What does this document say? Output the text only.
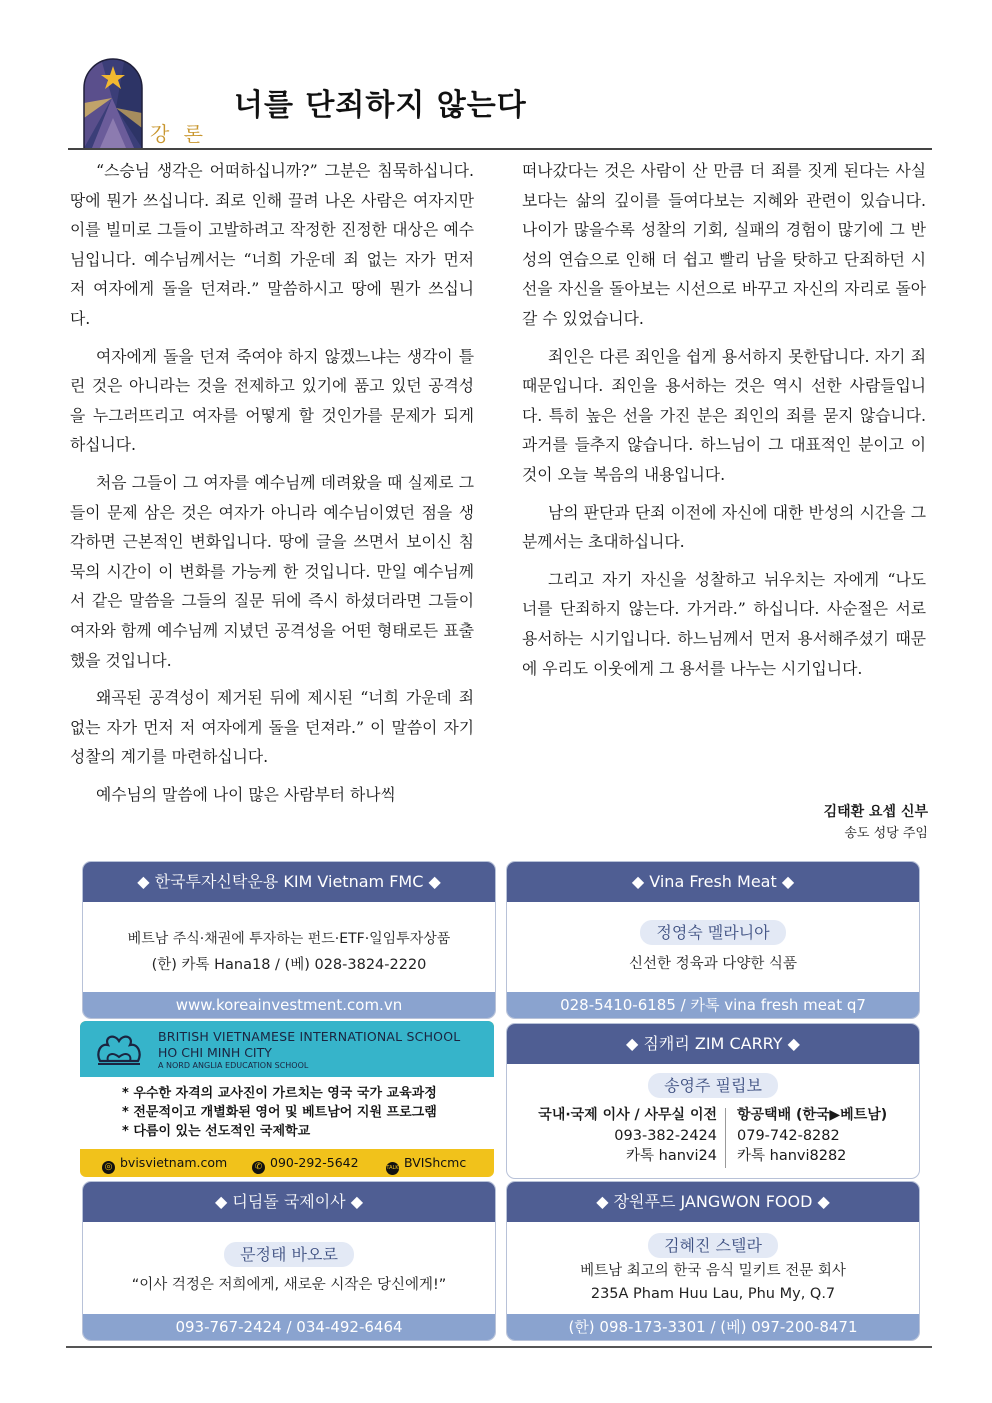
강 론
너를 단죄하지 않는다

“스승님 생각은 어떠하십니까?” 그분은 침묵하십니다. 땅에 뭔가 쓰십니다. 죄로 인해 끌려 나온 사람은 여자지만 이를 빌미로 그들이 고발하려고 작정한 진정한 대상은 예수님입니다. 예수님께서는 “너희 가운데 죄 없는 자가 먼저 저 여자에게 돌을 던져라.” 말씀하시고 땅에 뭔가 쓰십니다.

여자에게 돌을 던져 죽여야 하지 않겠느냐는 생각이 틀린 것은 아니라는 것을 전제하고 있기에 품고 있던 공격성을 누그러뜨리고 여자를 어떻게 할 것인가를 문제가 되게 하십니다.

처음 그들이 그 여자를 예수님께 데려왔을 때 실제로 그들이 문제 삼은 것은 여자가 아니라 예수님이였던 점을 생각하면 근본적인 변화입니다. 땅에 글을 쓰면서 보이신 침묵의 시간이 이 변화를 가능케 한 것입니다. 만일 예수님께서 같은 말씀을 그들의 질문 뒤에 즉시 하셨더라면 그들이 여자와 함께 예수님께 지녔던 공격성을 어떤 형태로든 표출했을 것입니다.

왜곡된 공격성이 제거된 뒤에 제시된 “너희 가운데 죄 없는 자가 먼저 저 여자에게 돌을 던져라.” 이 말씀이 자기 성찰의 계기를 마련하십니다.

예수님의 말씀에 나이 많은 사람부터 하나씩

떠나갔다는 것은 사람이 산 만큼 더 죄를 짓게 된다는 사실보다는 삶의 깊이를 들여다보는 지혜와 관련이 있습니다. 나이가 많을수록 성찰의 기회, 실패의 경험이 많기에 그 반성의 연습으로 인해 더 쉽고 빨리 남을 탓하고 단죄하던 시선을 자신을 돌아보는 시선으로 바꾸고 자신의 자리로 돌아갈 수 있었습니다.

죄인은 다른 죄인을 쉽게 용서하지 못한답니다. 자기 죄 때문입니다. 죄인을 용서하는 것은 역시 선한 사람들입니다. 특히 높은 선을 가진 분은 죄인의 죄를 묻지 않습니다. 과거를 들추지 않습니다. 하느님이 그 대표적인 분이고 이것이 오늘 복음의 내용입니다.

남의 판단과 단죄 이전에 자신에 대한 반성의 시간을 그분께서는 초대하십니다.

그리고 자기 자신을 성찰하고 뉘우치는 자에게 “나도 너를 단죄하지 않는다. 가거라.” 하십니다. 사순절은 서로 용서하는 시기입니다. 하느님께서 먼저 용서해주셨기 때문에 우리도 이웃에게 그 용서를 나누는 시기입니다.

김태환 요셉 신부
송도 성당 주임
◆ 한국투자신탁운용 KIM Vietnam FMC ◆
베트남 주식·채권에 투자하는 펀드·ETF·일임투자상품
(한) 카톡 Hana18 / (베) 028-3824-2220
www.koreainvestment.com.vn
◆ Vina Fresh Meat ◆
정영숙 멜라니아
신선한 정육과 다양한 식품
028-5410-6185 / 카톡 vina fresh meat q7
BRITISH VIETNAMESE INTERNATIONAL SCHOOL
HO CHI MINH CITY
A NORD ANGLIA EDUCATION SCHOOL
* 우수한 자격의 교사진이 가르치는 영국 국가 교육과정
* 전문적이고 개별화된 영어 및 베트남어 지원 프로그램
* 다름이 있는 선도적인 국제학교
◎ bvisvietnam.com	✆ 090-292-5642	TALK BVIShcmc
◆ 짐캐리 ZIM CARRY ◆
송영주 필립보
국내·국제 이사 / 사무실 이전
093-382-2424
카톡 hanvi24
항공택배 (한국▶베트남)
079-742-8282
카톡 hanvi8282
◆ 디딤돌 국제이사 ◆
문정태 바오로
“이사 걱정은 저희에게, 새로운 시작은 당신에게!”
093-767-2424 / 034-492-6464
◆ 장원푸드 JANGWON FOOD ◆
김혜진 스텔라
베트남 최고의 한국 음식 밀키트 전문 회사
235A Pham Huu Lau, Phu My, Q.7
(한) 098-173-3301 / (베) 097-200-8471
